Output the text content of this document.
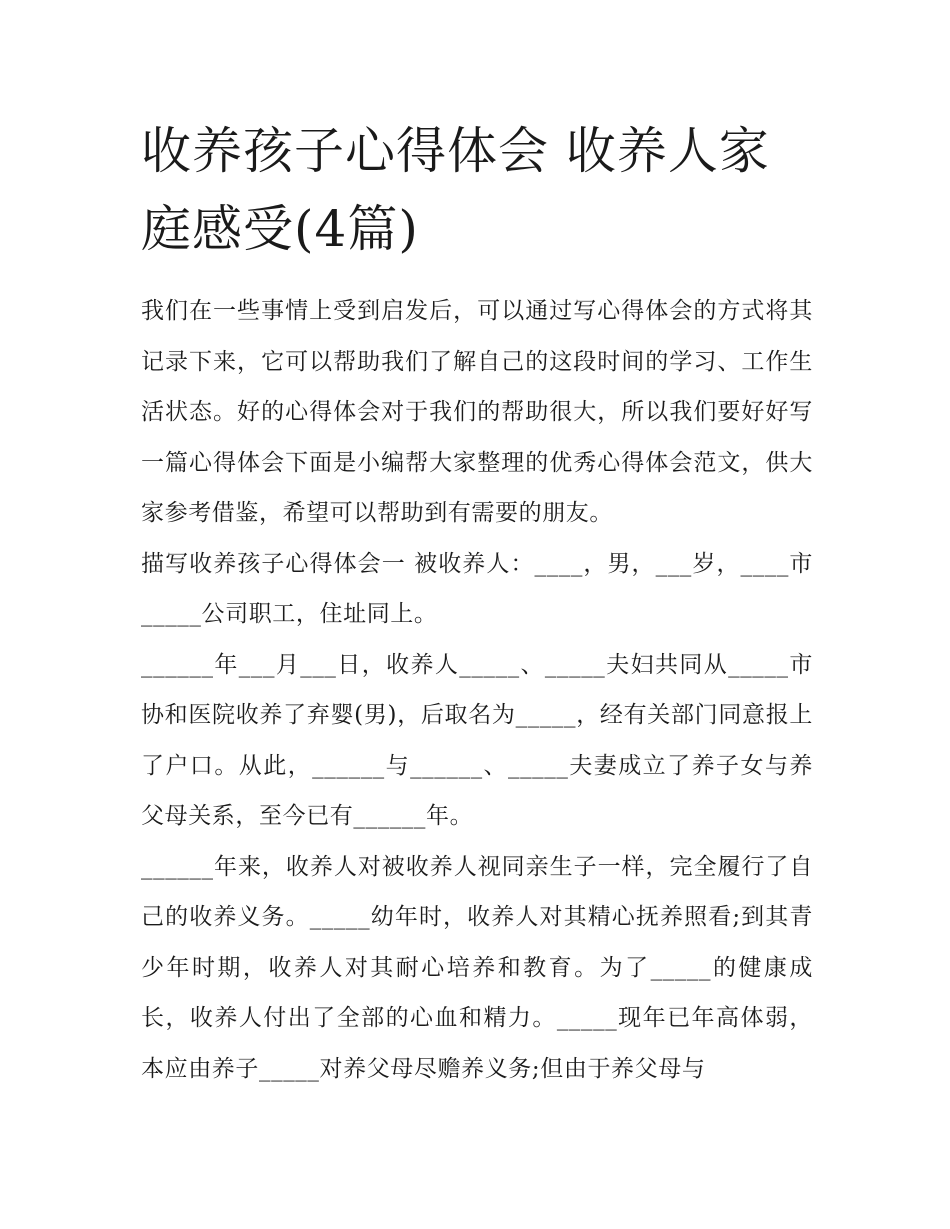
收养孩子心得体会 收养人家庭感受(4篇)

我们在一些事情上受到启发后，可以通过写心得体会的方式将其记录下来，它可以帮助我们了解自己的这段时间的学习、工作生活状态。好的心得体会对于我们的帮助很大，所以我们要好好写一篇心得体会下面是小编帮大家整理的优秀心得体会范文，供大家参考借鉴，希望可以帮助到有需要的朋友。

描写收养孩子心得体会一 被收养人：____，男，___岁，____市_____公司职工，住址同上。

______年___月___日，收养人_____、_____夫妇共同从_____市协和医院收养了弃婴(男)，后取名为_____，经有关部门同意报上了户口。从此，______与______、_____夫妻成立了养子女与养父母关系，至今已有______年。

______年来，收养人对被收养人视同亲生子一样，完全履行了自己的收养义务。_____幼年时，收养人对其精心抚养照看;到其青少年时期，收养人对其耐心培养和教育。为了_____的健康成长，收养人付出了全部的心血和精力。_____现年已年高体弱，本应由养子_____对养父母尽赡养义务;但由于养父母与
